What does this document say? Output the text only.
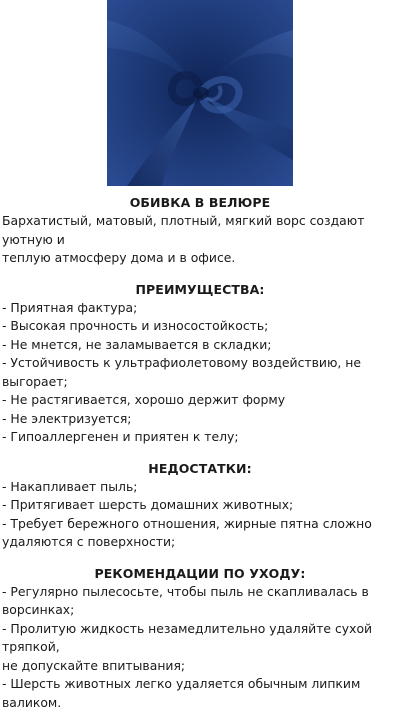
ОБИВКА В ВЕЛЮРЕ

Бархатистый, матовый, плотный, мягкий ворс создают уютную и
теплую атмосферу дома и в офисе.

ПРЕИМУЩЕСТВА:
- Приятная фактура;
- Высокая прочность и износостойкость;
- Не мнется, не заламывается в складки;
- Устойчивость к ультрафиолетовому воздействию, не выгорает;
- Не растягивается, хорошо держит форму
- Не электризуется;
- Гипоаллергенен и приятен к телу;
НЕДОСТАТКИ:

- Накапливает пыль;
- Притягивает шерсть домашних животных;
- Требует бережного отношения, жирные пятна сложно
удаляются с поверхности;

РЕКОМЕНДАЦИИ ПО УХОДУ:

- Регулярно пылесосьте, чтобы пыль не скапливалась в
ворсинках;
- Пролитую жидкость незамедлительно удаляйте сухой тряпкой,
не допускайте впитывания;
- Шерсть животных легко удаляется обычным липким валиком.
